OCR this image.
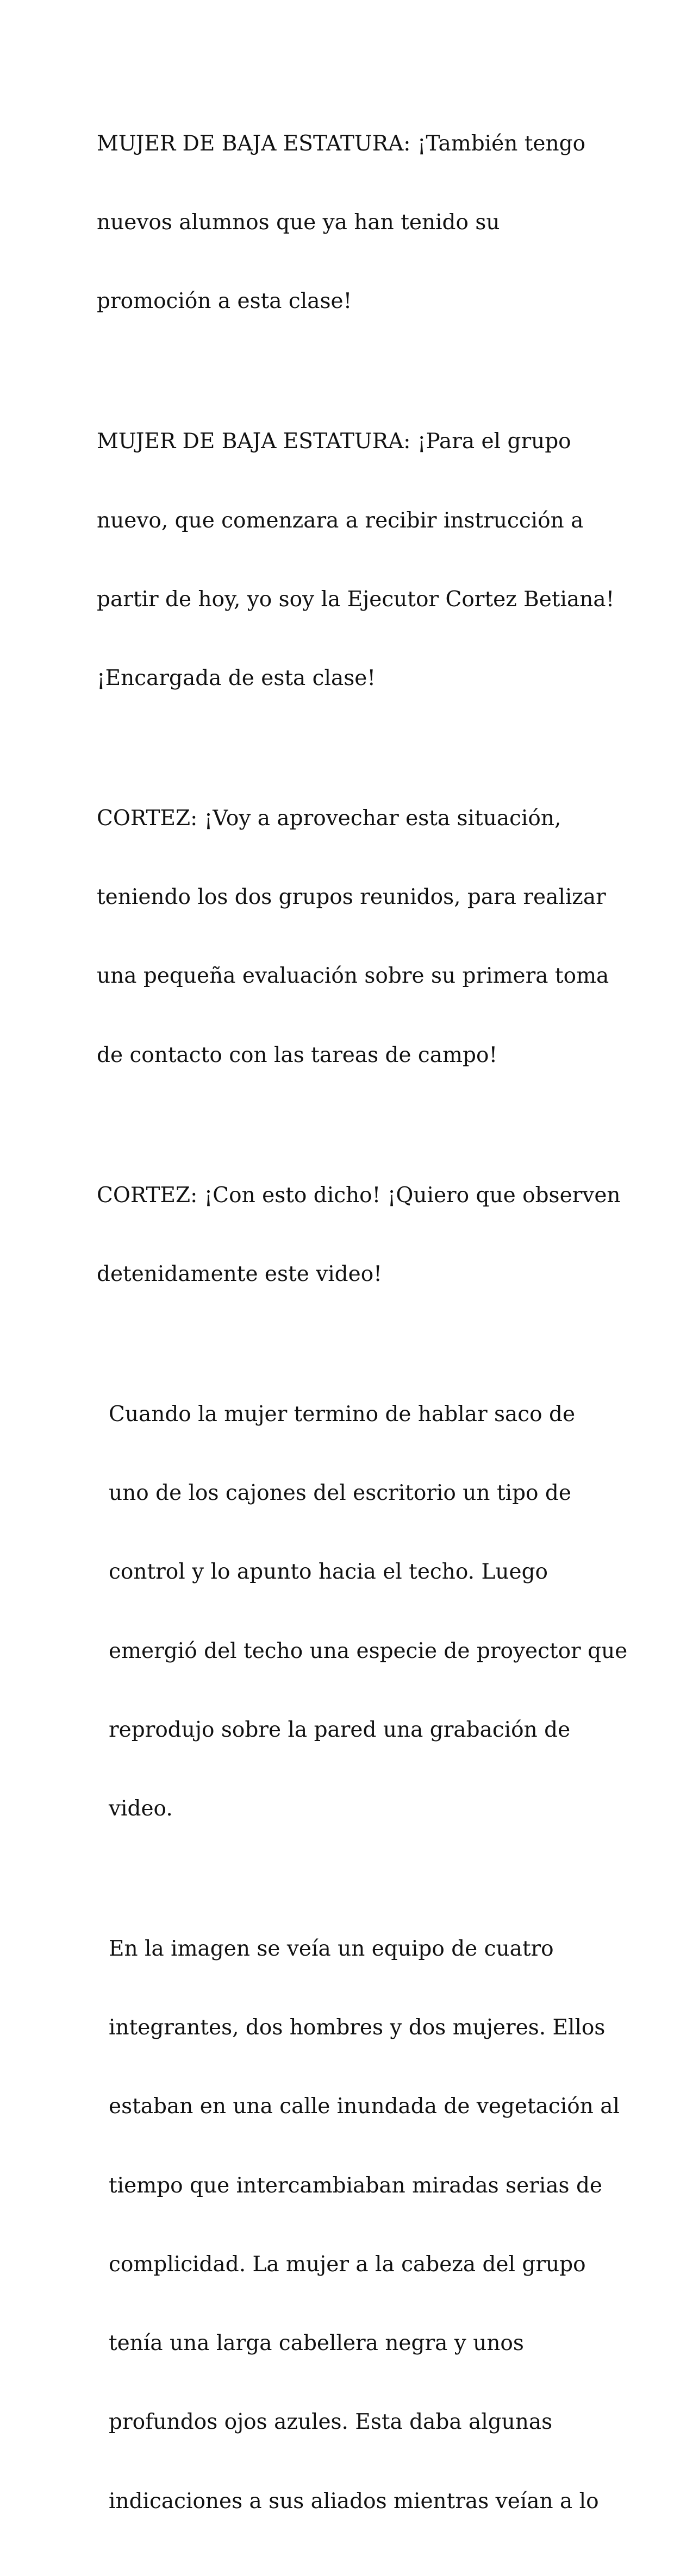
MUJER DE BAJA ESTATURA: ¡También tengo

nuevos alumnos que ya han tenido su

promoción a esta clase!

MUJER DE BAJA ESTATURA: ¡Para el grupo

nuevo, que comenzara a recibir instrucción a

partir de hoy, yo soy la Ejecutor Cortez Betiana!

¡Encargada de esta clase!

CORTEZ: ¡Voy a aprovechar esta situación,

teniendo los dos grupos reunidos, para realizar

una pequeña evaluación sobre su primera toma

de contacto con las tareas de campo!

CORTEZ: ¡Con esto dicho! ¡Quiero que observen

detenidamente este video!

Cuando la mujer termino de hablar saco de

uno de los cajones del escritorio un tipo de

control y lo apunto hacia el techo. Luego

emergió del techo una especie de proyector que

reprodujo sobre la pared una grabación de

video.

En la imagen se veía un equipo de cuatro

integrantes, dos hombres y dos mujeres. Ellos

estaban en una calle inundada de vegetación al

tiempo que intercambiaban miradas serias de

complicidad. La mujer a la cabeza del grupo

tenía una larga cabellera negra y unos

profundos ojos azules. Esta daba algunas

indicaciones a sus aliados mientras veían a lo
